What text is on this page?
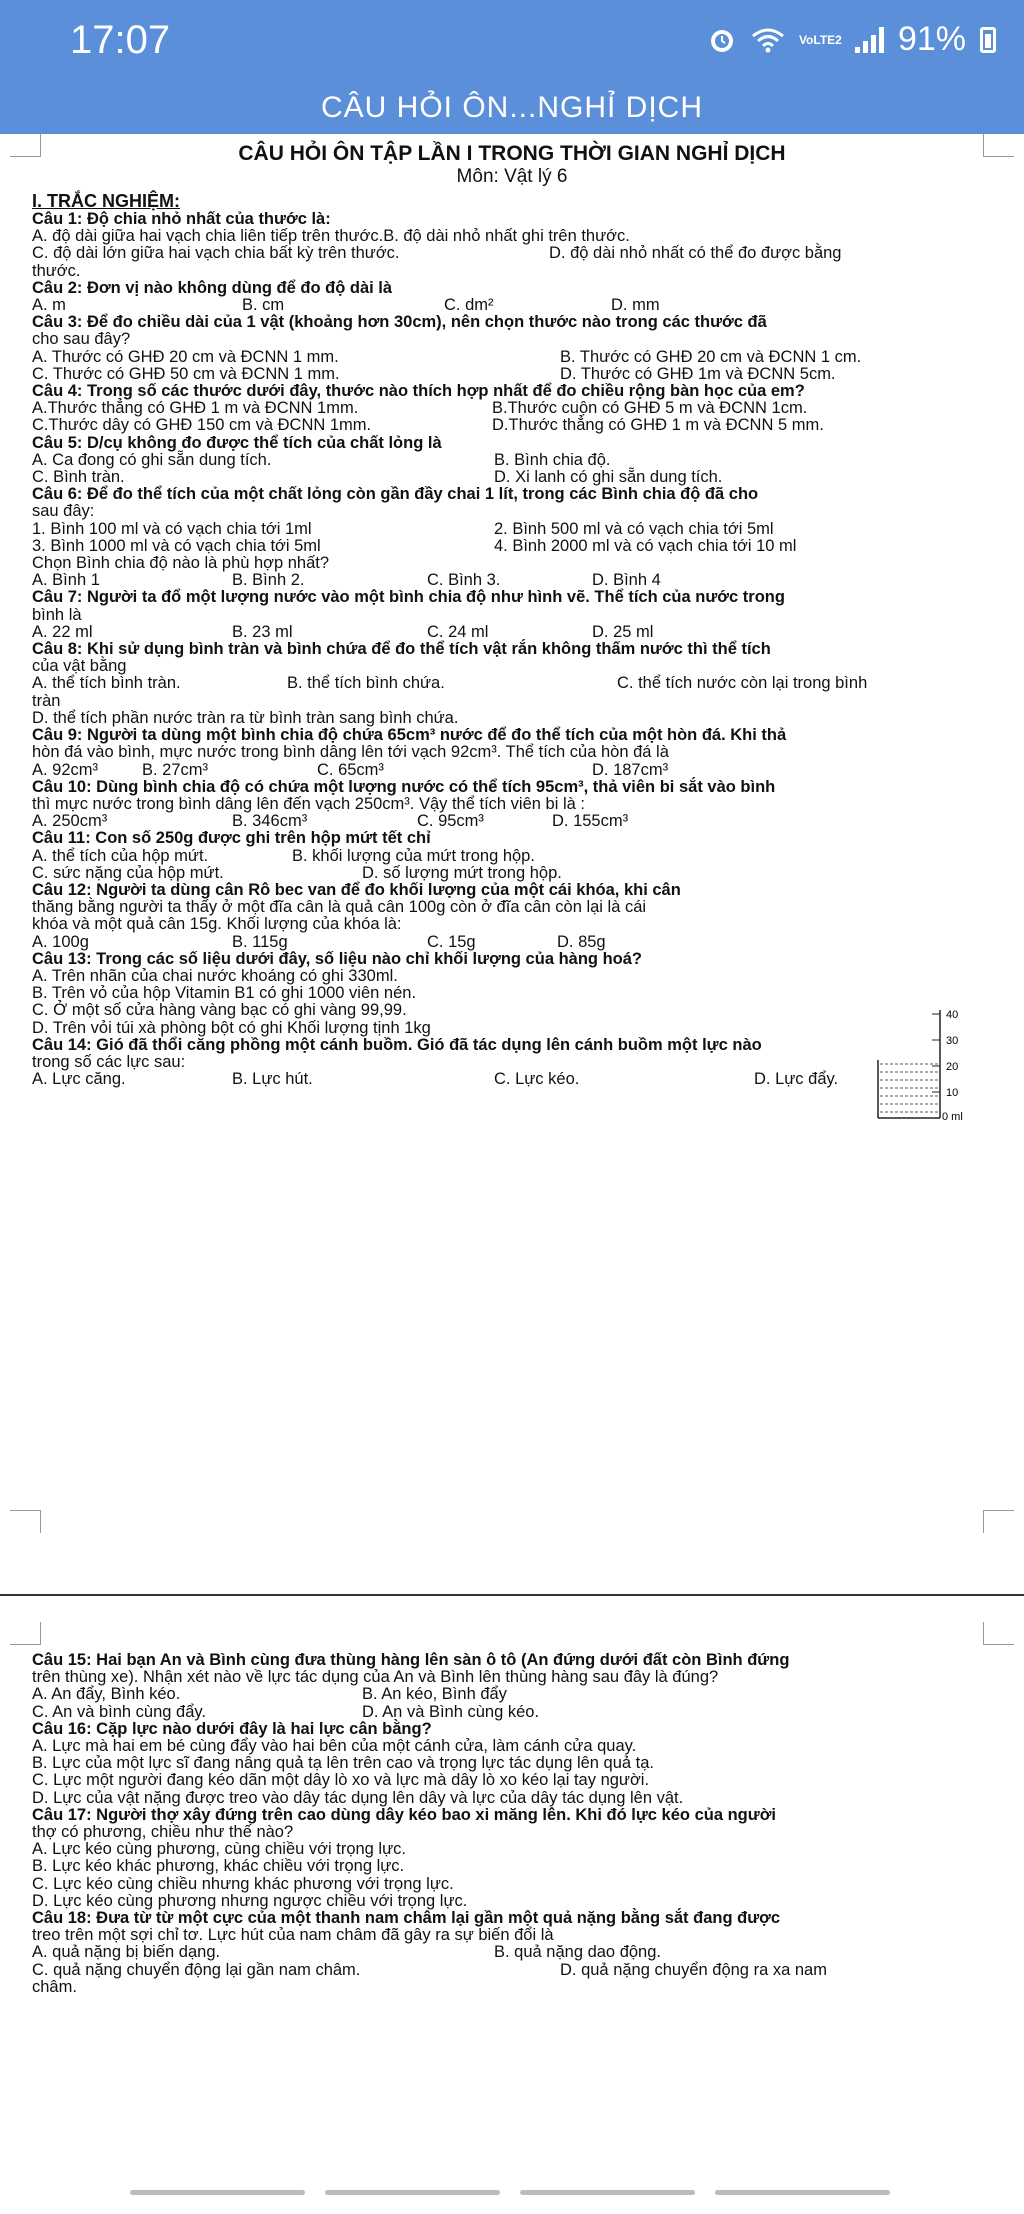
17:07	VoLTE2 91%
CÂU HỎI ÔN...NGHỈ DỊCH
CÂU HỎI ÔN TẬP LẦN I TRONG THỜI GIAN NGHỈ DỊCH
Môn: Vật lý 6
I. TRẮC NGHIỆM:
Câu 1: Độ chia nhỏ nhất của thước là:
A. độ dài giữa hai vạch chia liên tiếp trên thước.B. độ dài nhỏ nhất ghi trên thước.
C. độ dài lớn giữa hai vạch chia bất kỳ trên thước.	D. độ dài nhỏ nhất có thể đo được bằng
thước.
Câu 2: Đơn vị nào không dùng để đo độ dài là
A. m	B. cm	C. dm²	D. mm
Câu 3: Để đo chiều dài của 1 vật (khoảng hơn 30cm), nên chọn thước nào trong các thước đã
cho sau đây?
A. Thước có GHĐ 20 cm và ĐCNN 1 mm.	B. Thước có GHĐ 20 cm và ĐCNN 1 cm.
C. Thước có GHĐ 50 cm và ĐCNN 1 mm.	D. Thước có GHĐ 1m và ĐCNN 5cm.
Câu 4: Trong số các thước dưới đây, thước nào thích hợp nhất để đo chiều rộng bàn học của em?
A.Thước thẳng có GHĐ 1 m và ĐCNN 1mm.	B.Thước cuộn có GHĐ 5 m và ĐCNN 1cm.
C.Thước dây có GHĐ 150 cm và ĐCNN 1mm.	D.Thước thẳng có GHĐ 1 m và ĐCNN 5 mm.
Câu 5: D/cụ không đo được thể tích của chất lỏng là
A. Ca đong có ghi sẵn dung tích.	B. Bình chia độ.
C. Bình tràn.	D. Xi lanh có ghi sẵn dung tích.
Câu 6: Để đo thể tích của một chất lỏng còn gần đầy chai 1 lít, trong các Bình chia độ đã cho
sau đây:
1. Bình 100 ml và có vạch chia tới 1ml	2. Bình 500 ml và có vạch chia tới 5ml
3. Bình 1000 ml và có vạch chia tới 5ml	4. Bình 2000 ml và có vạch chia tới 10 ml
Chọn Bình chia độ nào là phù hợp nhất?
A. Bình 1	B. Bình 2.	C. Bình 3.	D. Bình 4
Câu 7: Người ta đổ một lượng nước vào một bình chia độ như hình vẽ. Thể tích của nước trong
bình là
A. 22 ml	B. 23 ml	C. 24 ml	D. 25 ml
Câu 8: Khi sử dụng bình tràn và bình chứa để đo thể tích vật rắn không thấm nước thì thể tích
của vật bằng
A. thể tích bình tràn.	B. thể tích bình chứa.	C. thể tích nước còn lại trong bình
tràn
D. thể tích phần nước tràn ra từ bình tràn sang bình chứa.
Câu 9: Người ta dùng một bình chia độ chứa 65cm³ nước để đo thể tích của một hòn đá. Khi thả
hòn đá vào bình, mực nước trong bình dâng lên tới vạch 92cm³. Thể tích của hòn đá là
A. 92cm³	B. 27cm³	C. 65cm³	D. 187cm³
Câu 10: Dùng bình chia độ có chứa một lượng nước có thể tích 95cm³, thả viên bi sắt vào bình
thì mực nước trong bình dâng lên đến vạch 250cm³. Vậy thể tích viên bi là :
A. 250cm³	B. 346cm³	C. 95cm³	D. 155cm³
Câu 11: Con số 250g được ghi trên hộp mứt tết chỉ
A. thể tích của hộp mứt.	B. khối lượng của mứt trong hộp.
C. sức nặng của hộp mứt.	D. số lượng mứt trong hộp.
Câu 12: Người ta dùng cân Rô bec van để đo khối lượng của một cái khóa, khi cân
thăng bằng người ta thấy ở một đĩa cân là quả cân 100g còn ở đĩa cân còn lại là cái
khóa và một quả cân 15g. Khối lượng của khóa là:
A. 100g	B. 115g	C. 15g	D. 85g
Câu 13: Trong các số liệu dưới đây, số liệu nào chỉ khối lượng của hàng hoá?
A. Trên nhãn của chai nước khoáng có ghi 330ml.
B. Trên vỏ của hộp Vitamin B1 có ghi 1000 viên nén.
C. Ở một số cửa hàng vàng bạc có ghi vàng 99,99.
D. Trên vỏi túi xà phòng bột có ghi Khối lượng tịnh 1kg
Câu 14: Gió đã thổi căng phồng một cánh buồm. Gió đã tác dụng lên cánh buồm một lực nào
trong số các lực sau:
A. Lực căng.	B. Lực hút.	C. Lực kéo.	D. Lực đẩy.
40
30
20
10
0 ml
Câu 15: Hai bạn An và Bình cùng đưa thùng hàng lên sàn ô tô (An đứng dưới đất còn Bình đứng
trên thùng xe). Nhận xét nào về lực tác dụng của An và Bình lên thùng hàng sau đây là đúng?
A. An đẩy, Bình kéo.	B. An kéo, Bình đẩy
C. An và bình cùng đẩy.	D. An và Bình cùng kéo.
Câu 16: Cặp lực nào dưới đây là hai lực cân bằng?
A. Lực mà hai em bé cùng đẩy vào hai bên của một cánh cửa, làm cánh cửa quay.
B. Lực của một lực sĩ đang nâng quả tạ lên trên cao và trọng lực tác dụng lên quả tạ.
C. Lực một người đang kéo dãn một dây lò xo và lực mà dây lò xo kéo lại tay người.
D. Lực của vật nặng được treo vào dây tác dụng lên dây và lực của dây tác dụng lên vật.
Câu 17: Người thợ xây đứng trên cao dùng dây kéo bao xi măng lên. Khi đó lực kéo của người
thợ có phương, chiều như thế nào?
A. Lực kéo cùng phương, cùng chiều với trọng lực.
B. Lực kéo khác phương, khác chiều với trọng lực.
C. Lực kéo cùng chiều nhưng khác phương với trọng lực.
D. Lực kéo cùng phương nhưng ngược chiều với trọng lực.
Câu 18: Đưa từ từ một cực của một thanh nam châm lại gần một quả nặng bằng sắt đang được
treo trên một sợi chỉ tơ. Lực hút của nam châm đã gây ra sự biến đổi là
A. quả nặng bị biến dạng.	B. quả nặng dao động.
C. quả nặng chuyển động lại gần nam châm.	D. quả nặng chuyển động ra xa nam
châm.
